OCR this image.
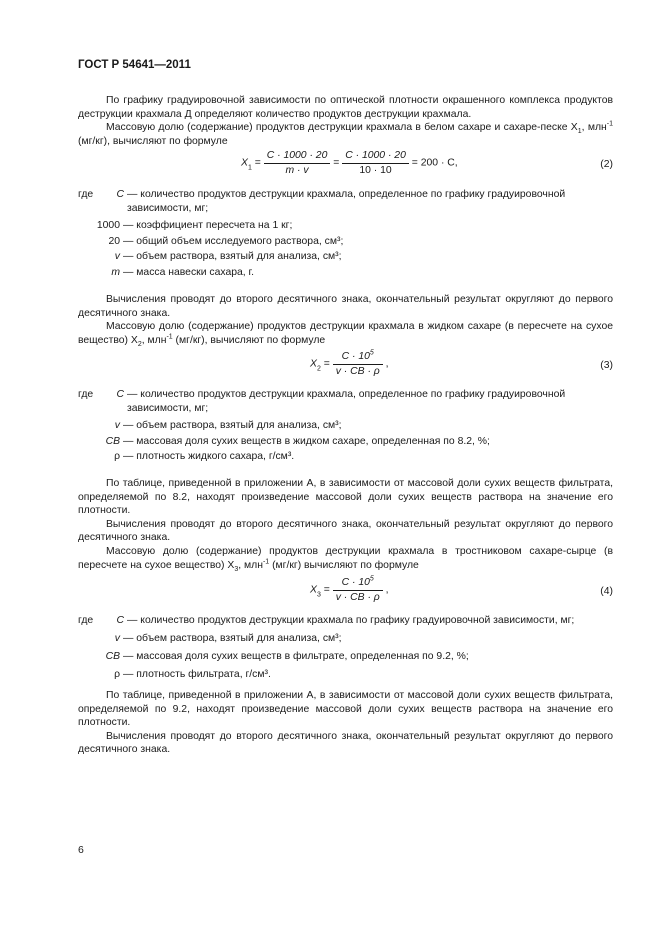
ГОСТ Р 54641—2011

По графику градуировочной зависимости по оптической плотности окрашенного комплекса продуктов деструкции крахмала Д определяют количество продуктов деструкции крахмала.

Массовую долю (содержание) продуктов деструкции крахмала в белом сахаре и сахаре-песке $X_1$, млн$^{-1}$ (мг/кг), вычисляют по формуле

$X_1 = \frac{C \cdot 1000 \cdot 20}{m \cdot v} = \frac{C \cdot 1000 \cdot 20}{10 \cdot 10} = 200 \cdot C$,	(2)
где	C — количество продуктов деструкции крахмала, определенное по графику градуировочной зависимости, мг;
1000 — коэффициент пересчета на 1 кг;
20 — общий объем исследуемого раствора, см³;
v — объем раствора, взятый для анализа, см³;
m — масса навески сахара, г.

Вычисления проводят до второго десятичного знака, окончательный результат округляют до первого десятичного знака.

Массовую долю (содержание) продуктов деструкции крахмала в жидком сахаре (в пересчете на сухое вещество) $X_2$, млн$^{-1}$ (мг/кг), вычисляют по формуле

$X_2 = \frac{C \cdot 10^5}{v \cdot CB \cdot \rho}$ ,	(3)
где	C — количество продуктов деструкции крахмала, определенное по графику градуировочной зависимости, мг;
v — объем раствора, взятый для анализа, см³;
CB — массовая доля сухих веществ в жидком сахаре, определенная по 8.2, %;
ρ — плотность жидкого сахара, г/см³.

По таблице, приведенной в приложении А, в зависимости от массовой доли сухих веществ фильтрата, определяемой по 8.2, находят произведение массовой доли сухих веществ раствора на значение его плотности.

Вычисления проводят до второго десятичного знака, окончательный результат округляют до первого десятичного знака.

Массовую долю (содержание) продуктов деструкции крахмала в тростниковом сахаре-сырце (в пересчете на сухое вещество) $X_3$, млн$^{-1}$ (мг/кг) вычисляют по формуле

$X_3 = \frac{C \cdot 10^5}{v \cdot CB \cdot \rho}$ ,	(4)
где	C — количество продуктов деструкции крахмала по графику градуировочной зависимости, мг;
v — объем раствора, взятый для анализа, см³;
CB — массовая доля сухих веществ в фильтрате, определенная по 9.2, %;
ρ — плотность фильтрата, г/см³.

По таблице, приведенной в приложении А, в зависимости от массовой доли сухих веществ фильтрата, определяемой по 9.2, находят произведение массовой доли сухих веществ раствора на значение его плотности.

Вычисления проводят до второго десятичного знака, окончательный результат округляют до первого десятичного знака.

6
